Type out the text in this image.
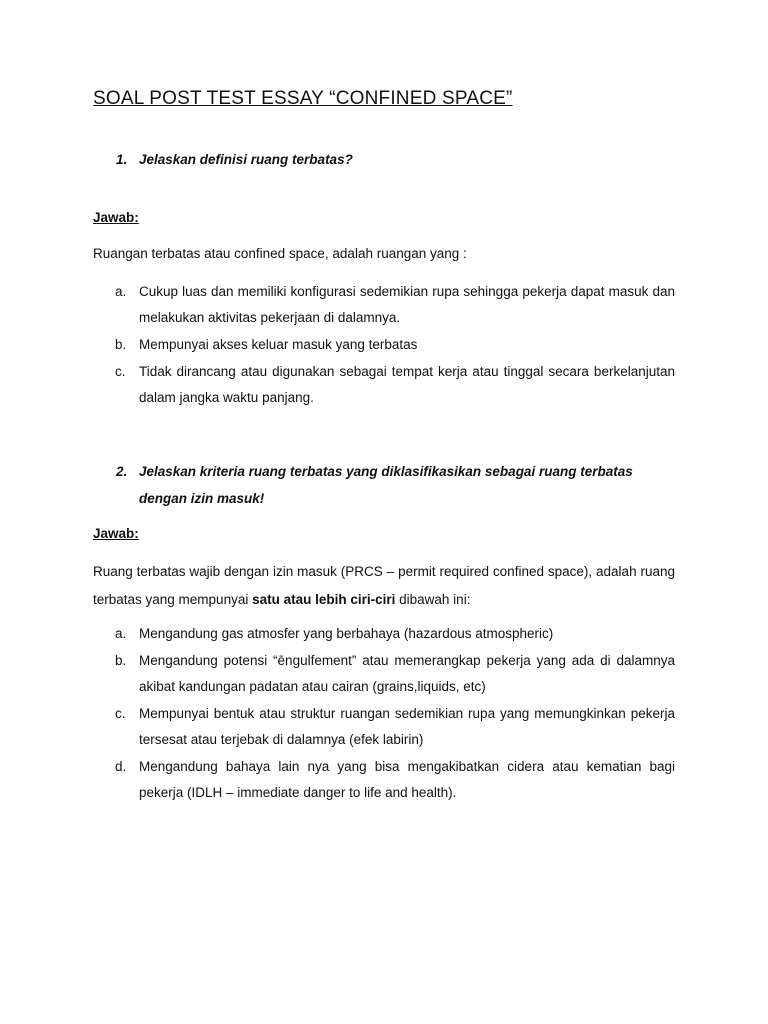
SOAL POST TEST ESSAY “CONFINED SPACE”
1. Jelaskan definisi ruang terbatas?
Jawab:
Ruangan terbatas atau confined space, adalah ruangan yang :
a. Cukup luas dan memiliki konfigurasi sedemikian rupa sehingga pekerja dapat masuk dan melakukan aktivitas pekerjaan di dalamnya.
b. Mempunyai akses keluar masuk yang terbatas
c. Tidak dirancang atau digunakan sebagai tempat kerja atau tinggal secara berkelanjutan dalam jangka waktu panjang.
2. Jelaskan kriteria ruang terbatas yang diklasifikasikan sebagai ruang terbatas dengan izin masuk!
Jawab:
Ruang terbatas wajib dengan izin masuk (PRCS – permit required confined space), adalah ruang terbatas yang mempunyai satu atau lebih ciri-ciri dibawah ini:
a. Mengandung gas atmosfer yang berbahaya (hazardous atmospheric)
b. Mengandung potensi “ēngulfement” atau memerangkap pekerja yang ada di dalamnya akibat kandungan padatan atau cairan (grains,liquids, etc)
c. Mempunyai bentuk atau struktur ruangan sedemikian rupa yang memungkinkan pekerja tersesat atau terjebak di dalamnya (efek labirin)
d. Mengandung bahaya lain nya yang bisa mengakibatkan cidera atau kematian bagi pekerja (IDLH – immediate danger to life and health).
